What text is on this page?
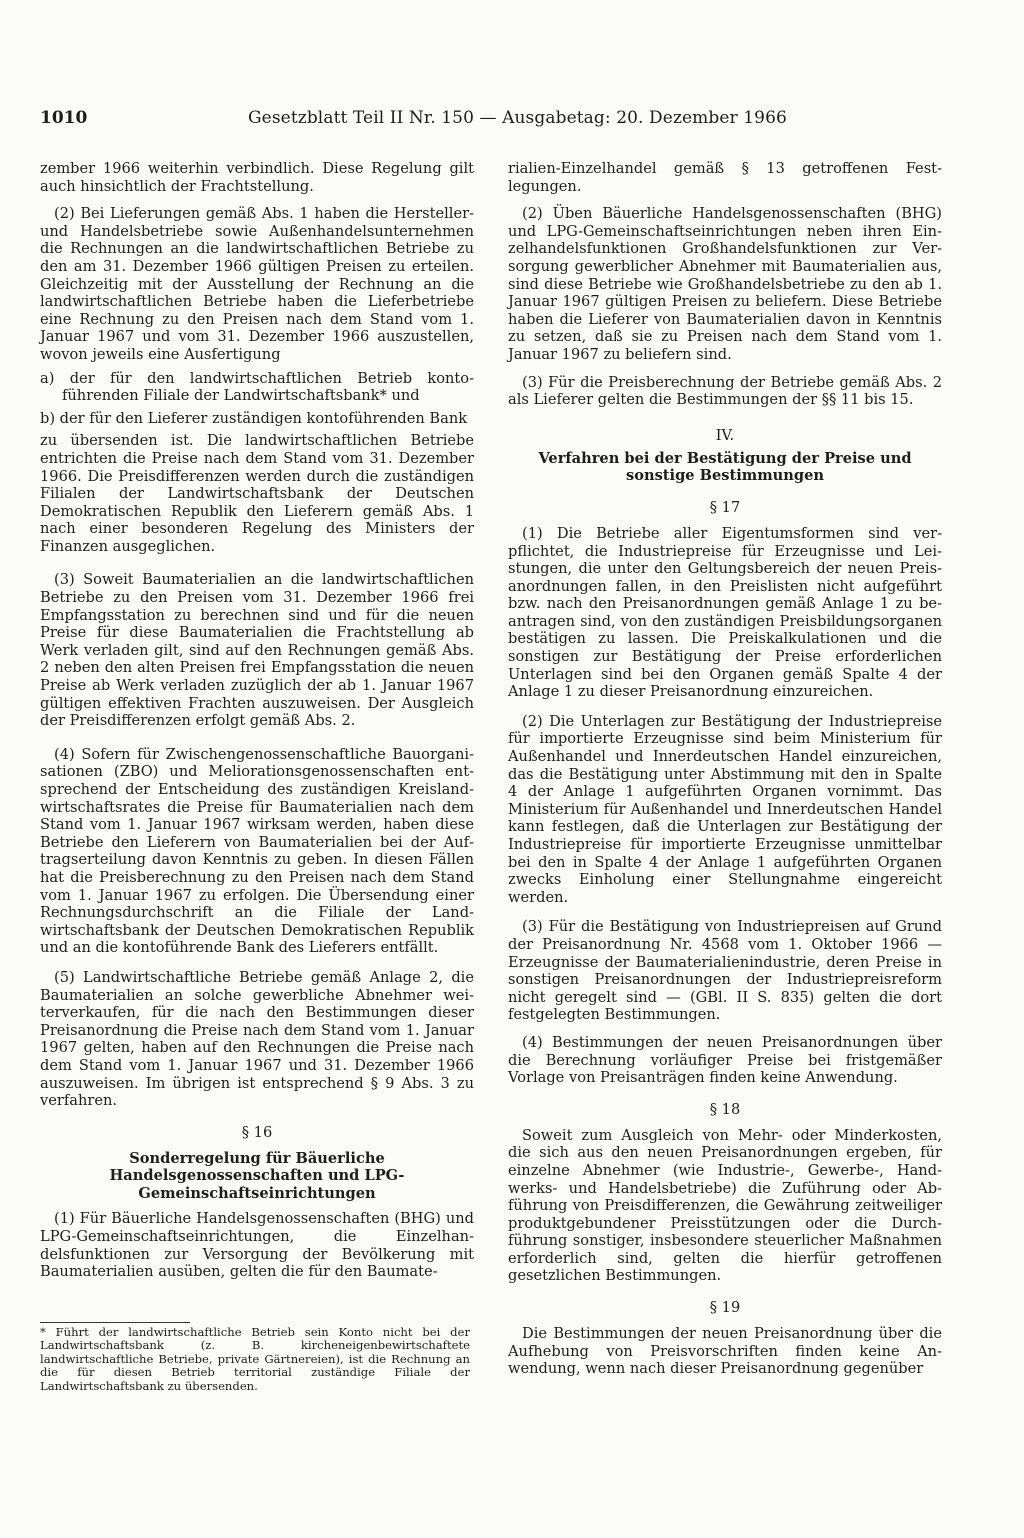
1010	Gesetzblatt Teil II Nr. 150 — Ausgabetag: 20. Dezember 1966

zember 1966 weiterhin verbindlich. Diese Regelung gilt auch hinsichtlich der Frachtstellung.

(2) Bei Lieferungen gemäß Abs. 1 haben die Hersteller- und Handelsbetriebe sowie Außenhandelsunternehmen die Rechnungen an die landwirtschaftlichen Betriebe zu den am 31. Dezember 1966 gültigen Preisen zu erteilen. Gleichzeitig mit der Ausstellung der Rechnung an die landwirtschaftlichen Betriebe haben die Lieferbetriebe eine Rechnung zu den Preisen nach dem Stand vom 1. Januar 1967 und vom 31. Dezember 1966 auszustellen, wovon jeweils eine Ausfertigung

a) der für den landwirtschaftlichen Betrieb kontoführenden Filiale der Landwirtschaftsbank* und

b) der für den Lieferer zuständigen kontoführenden Bank

zu übersenden ist. Die landwirtschaftlichen Betriebe entrichten die Preise nach dem Stand vom 31. Dezember 1966. Die Preisdifferenzen werden durch die zuständigen Filialen der Landwirtschaftsbank der Deutschen Demokratischen Republik den Lieferern gemäß Abs. 1 nach einer besonderen Regelung des Ministers der Finanzen ausgeglichen.

(3) Soweit Baumaterialien an die landwirtschaftlichen Betriebe zu den Preisen vom 31. Dezember 1966 frei Empfangsstation zu berechnen sind und für die neuen Preise für diese Baumaterialien die Frachtstellung ab Werk verladen gilt, sind auf den Rechnungen gemäß Abs. 2 neben den alten Preisen frei Empfangsstation die neuen Preise ab Werk verladen zuzüglich der ab 1. Januar 1967 gültigen effektiven Frachten auszuweisen. Der Ausgleich der Preisdifferenzen erfolgt gemäß Abs. 2.

(4) Sofern für Zwischengenossenschaftliche Bauorganisationen (ZBO) und Meliorationsgenossenschaften entsprechend der Entscheidung des zuständigen Kreislandwirtschaftsrates die Preise für Baumaterialien nach dem Stand vom 1. Januar 1967 wirksam werden, haben diese Betriebe den Lieferern von Baumaterialien bei der Auftragserteilung davon Kenntnis zu geben. In diesen Fällen hat die Preisberechnung zu den Preisen nach dem Stand vom 1. Januar 1967 zu erfolgen. Die Übersendung einer Rechnungsdurchschrift an die Filiale der Landwirtschaftsbank der Deutschen Demokratischen Republik und an die kontoführende Bank des Lieferers entfällt.

(5) Landwirtschaftliche Betriebe gemäß Anlage 2, die Baumaterialien an solche gewerbliche Abnehmer weiterverkaufen, für die nach den Bestimmungen dieser Preisanordnung die Preise nach dem Stand vom 1. Januar 1967 gelten, haben auf den Rechnungen die Preise nach dem Stand vom 1. Januar 1967 und 31. Dezember 1966 auszuweisen. Im übrigen ist entsprechend § 9 Abs. 3 zu verfahren.

§ 16
Sonderregelung für Bäuerliche Handelsgenossenschaften und LPG-Gemeinschaftseinrichtungen

(1) Für Bäuerliche Handelsgenossenschaften (BHG) und LPG-Gemeinschaftseinrichtungen, die Einzelhandelsfunktionen zur Versorgung der Bevölkerung mit Baumaterialien ausüben, gelten die für den Baumate-

* Führt der landwirtschaftliche Betrieb sein Konto nicht bei der Landwirtschaftsbank (z. B. kircheneigenbewirtschaftete landwirtschaftliche Betriebe, private Gärtnereien), ist die Rechnung an die für diesen Betrieb territorial zuständige Filiale der Landwirtschaftsbank zu übersenden.

rialien-Einzelhandel gemäß § 13 getroffenen Festlegungen.

(2) Üben Bäuerliche Handelsgenossenschaften (BHG) und LPG-Gemeinschaftseinrichtungen neben ihren Einzelhandelsfunktionen Großhandelsfunktionen zur Versorgung gewerblicher Abnehmer mit Baumaterialien aus, sind diese Betriebe wie Großhandelsbetriebe zu den ab 1. Januar 1967 gültigen Preisen zu beliefern. Diese Betriebe haben die Lieferer von Baumaterialien davon in Kenntnis zu setzen, daß sie zu Preisen nach dem Stand vom 1. Januar 1967 zu beliefern sind.

(3) Für die Preisberechnung der Betriebe gemäß Abs. 2 als Lieferer gelten die Bestimmungen der §§ 11 bis 15.

IV.
Verfahren bei der Bestätigung der Preise und sonstige Bestimmungen
§ 17

(1) Die Betriebe aller Eigentumsformen sind verpflichtet, die Industriepreise für Erzeugnisse und Leistungen, die unter den Geltungsbereich der neuen Preisanordnungen fallen, in den Preislisten nicht aufgeführt bzw. nach den Preisanordnungen gemäß Anlage 1 zu beantragen sind, von den zuständigen Preisbildungsorganen bestätigen zu lassen. Die Preiskalkulationen und die sonstigen zur Bestätigung der Preise erforderlichen Unterlagen sind bei den Organen gemäß Spalte 4 der Anlage 1 zu dieser Preisanordnung einzureichen.

(2) Die Unterlagen zur Bestätigung der Industriepreise für importierte Erzeugnisse sind beim Ministerium für Außenhandel und Innerdeutschen Handel einzureichen, das die Bestätigung unter Abstimmung mit den in Spalte 4 der Anlage 1 aufgeführten Organen vornimmt. Das Ministerium für Außenhandel und Innerdeutschen Handel kann festlegen, daß die Unterlagen zur Bestätigung der Industriepreise für importierte Erzeugnisse unmittelbar bei den in Spalte 4 der Anlage 1 aufgeführten Organen zwecks Einholung einer Stellungnahme eingereicht werden.

(3) Für die Bestätigung von Industriepreisen auf Grund der Preisanordnung Nr. 4568 vom 1. Oktober 1966 — Erzeugnisse der Baumaterialienindustrie, deren Preise in sonstigen Preisanordnungen der Industriepreisreform nicht geregelt sind — (GBl. II S. 835) gelten die dort festgelegten Bestimmungen.

(4) Bestimmungen der neuen Preisanordnungen über die Berechnung vorläufiger Preise bei fristgemäßer Vorlage von Preisanträgen finden keine Anwendung.

§ 18

Soweit zum Ausgleich von Mehr- oder Minderkosten, die sich aus den neuen Preisanordnungen ergeben, für einzelne Abnehmer (wie Industrie-, Gewerbe-, Handwerks- und Handelsbetriebe) die Zuführung oder Abführung von Preisdifferenzen, die Gewährung zeitweiliger produktgebundener Preisstützungen oder die Durchführung sonstiger, insbesondere steuerlicher Maßnahmen erforderlich sind, gelten die hierfür getroffenen gesetzlichen Bestimmungen.

§ 19

Die Bestimmungen der neuen Preisanordnung über die Aufhebung von Preisvorschriften finden keine Anwendung, wenn nach dieser Preisanordnung gegenüber
